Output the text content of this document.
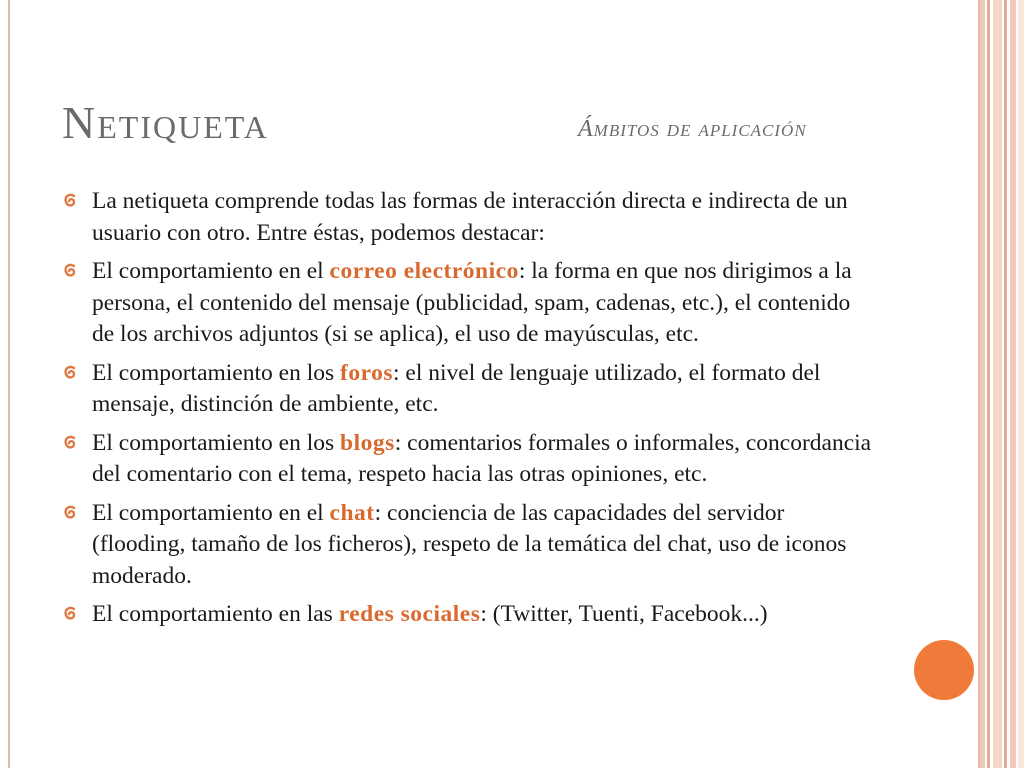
Netiqueta	Ámbitos de aplicación
La netiqueta comprende todas las formas de interacción directa e indirecta de un usuario con otro. Entre éstas, podemos destacar:
El comportamiento en el correo electrónico: la forma en que nos dirigimos a la persona, el contenido del mensaje (publicidad, spam, cadenas, etc.), el contenido de los archivos adjuntos (si se aplica), el uso de mayúsculas, etc.
El comportamiento en los foros: el nivel de lenguaje utilizado, el formato del mensaje, distinción de ambiente, etc.
El comportamiento en los blogs: comentarios formales o informales, concordancia del comentario con el tema, respeto hacia las otras opiniones, etc.
El comportamiento en el chat: conciencia de las capacidades del servidor (flooding, tamaño de los ficheros), respeto de la temática del chat, uso de iconos moderado.
El comportamiento en las redes sociales: (Twitter, Tuenti, Facebook...)
